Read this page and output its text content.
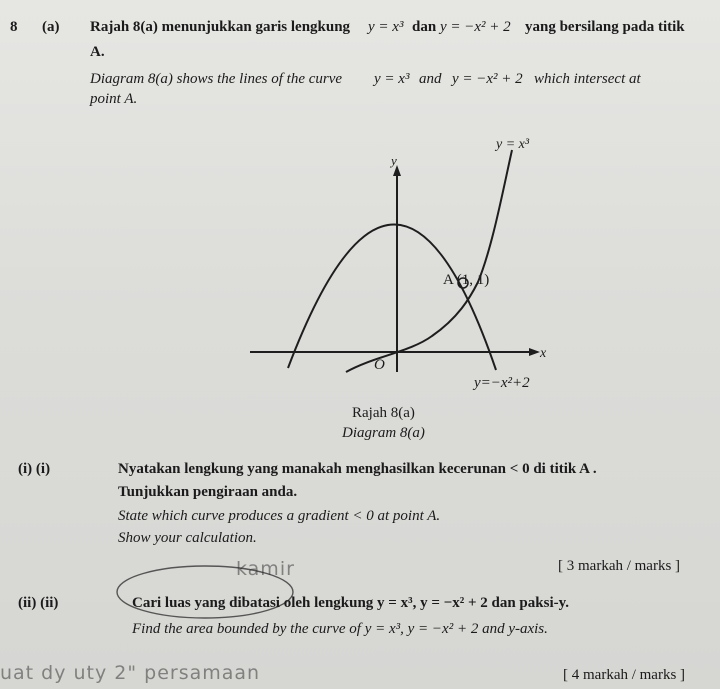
8 (a) Rajah 8(a) menunjukkan garis lengkung y = x³ dan y = −x² + 2 yang bersilang pada titik
A.
Diagram 8(a) shows the lines of the curve y = x³ and y = −x² + 2 which intersect at
point A.
y = x³
y
x
O
A (1, 1)
y=−x²+2
Rajah 8(a)
Diagram 8(a)
(i) (i)	Nyatakan lengkung yang manakah menghasilkan kecerunan < 0 di titik A .
Tunjukkan pengiraan anda.
State which curve produces a gradient < 0 at point A.
Show your calculation.
kamir	[ 3 markah / marks ]
(ii) (ii)	Cari luas yang dibatasi oleh lengkung y = x³, y = −x² + 2 dan paksi-y.
Find the area bounded by the curve of y = x³, y = −x² + 2 and y-axis.
uat dy uty 2" persamaan	[ 4 markah / marks ]
